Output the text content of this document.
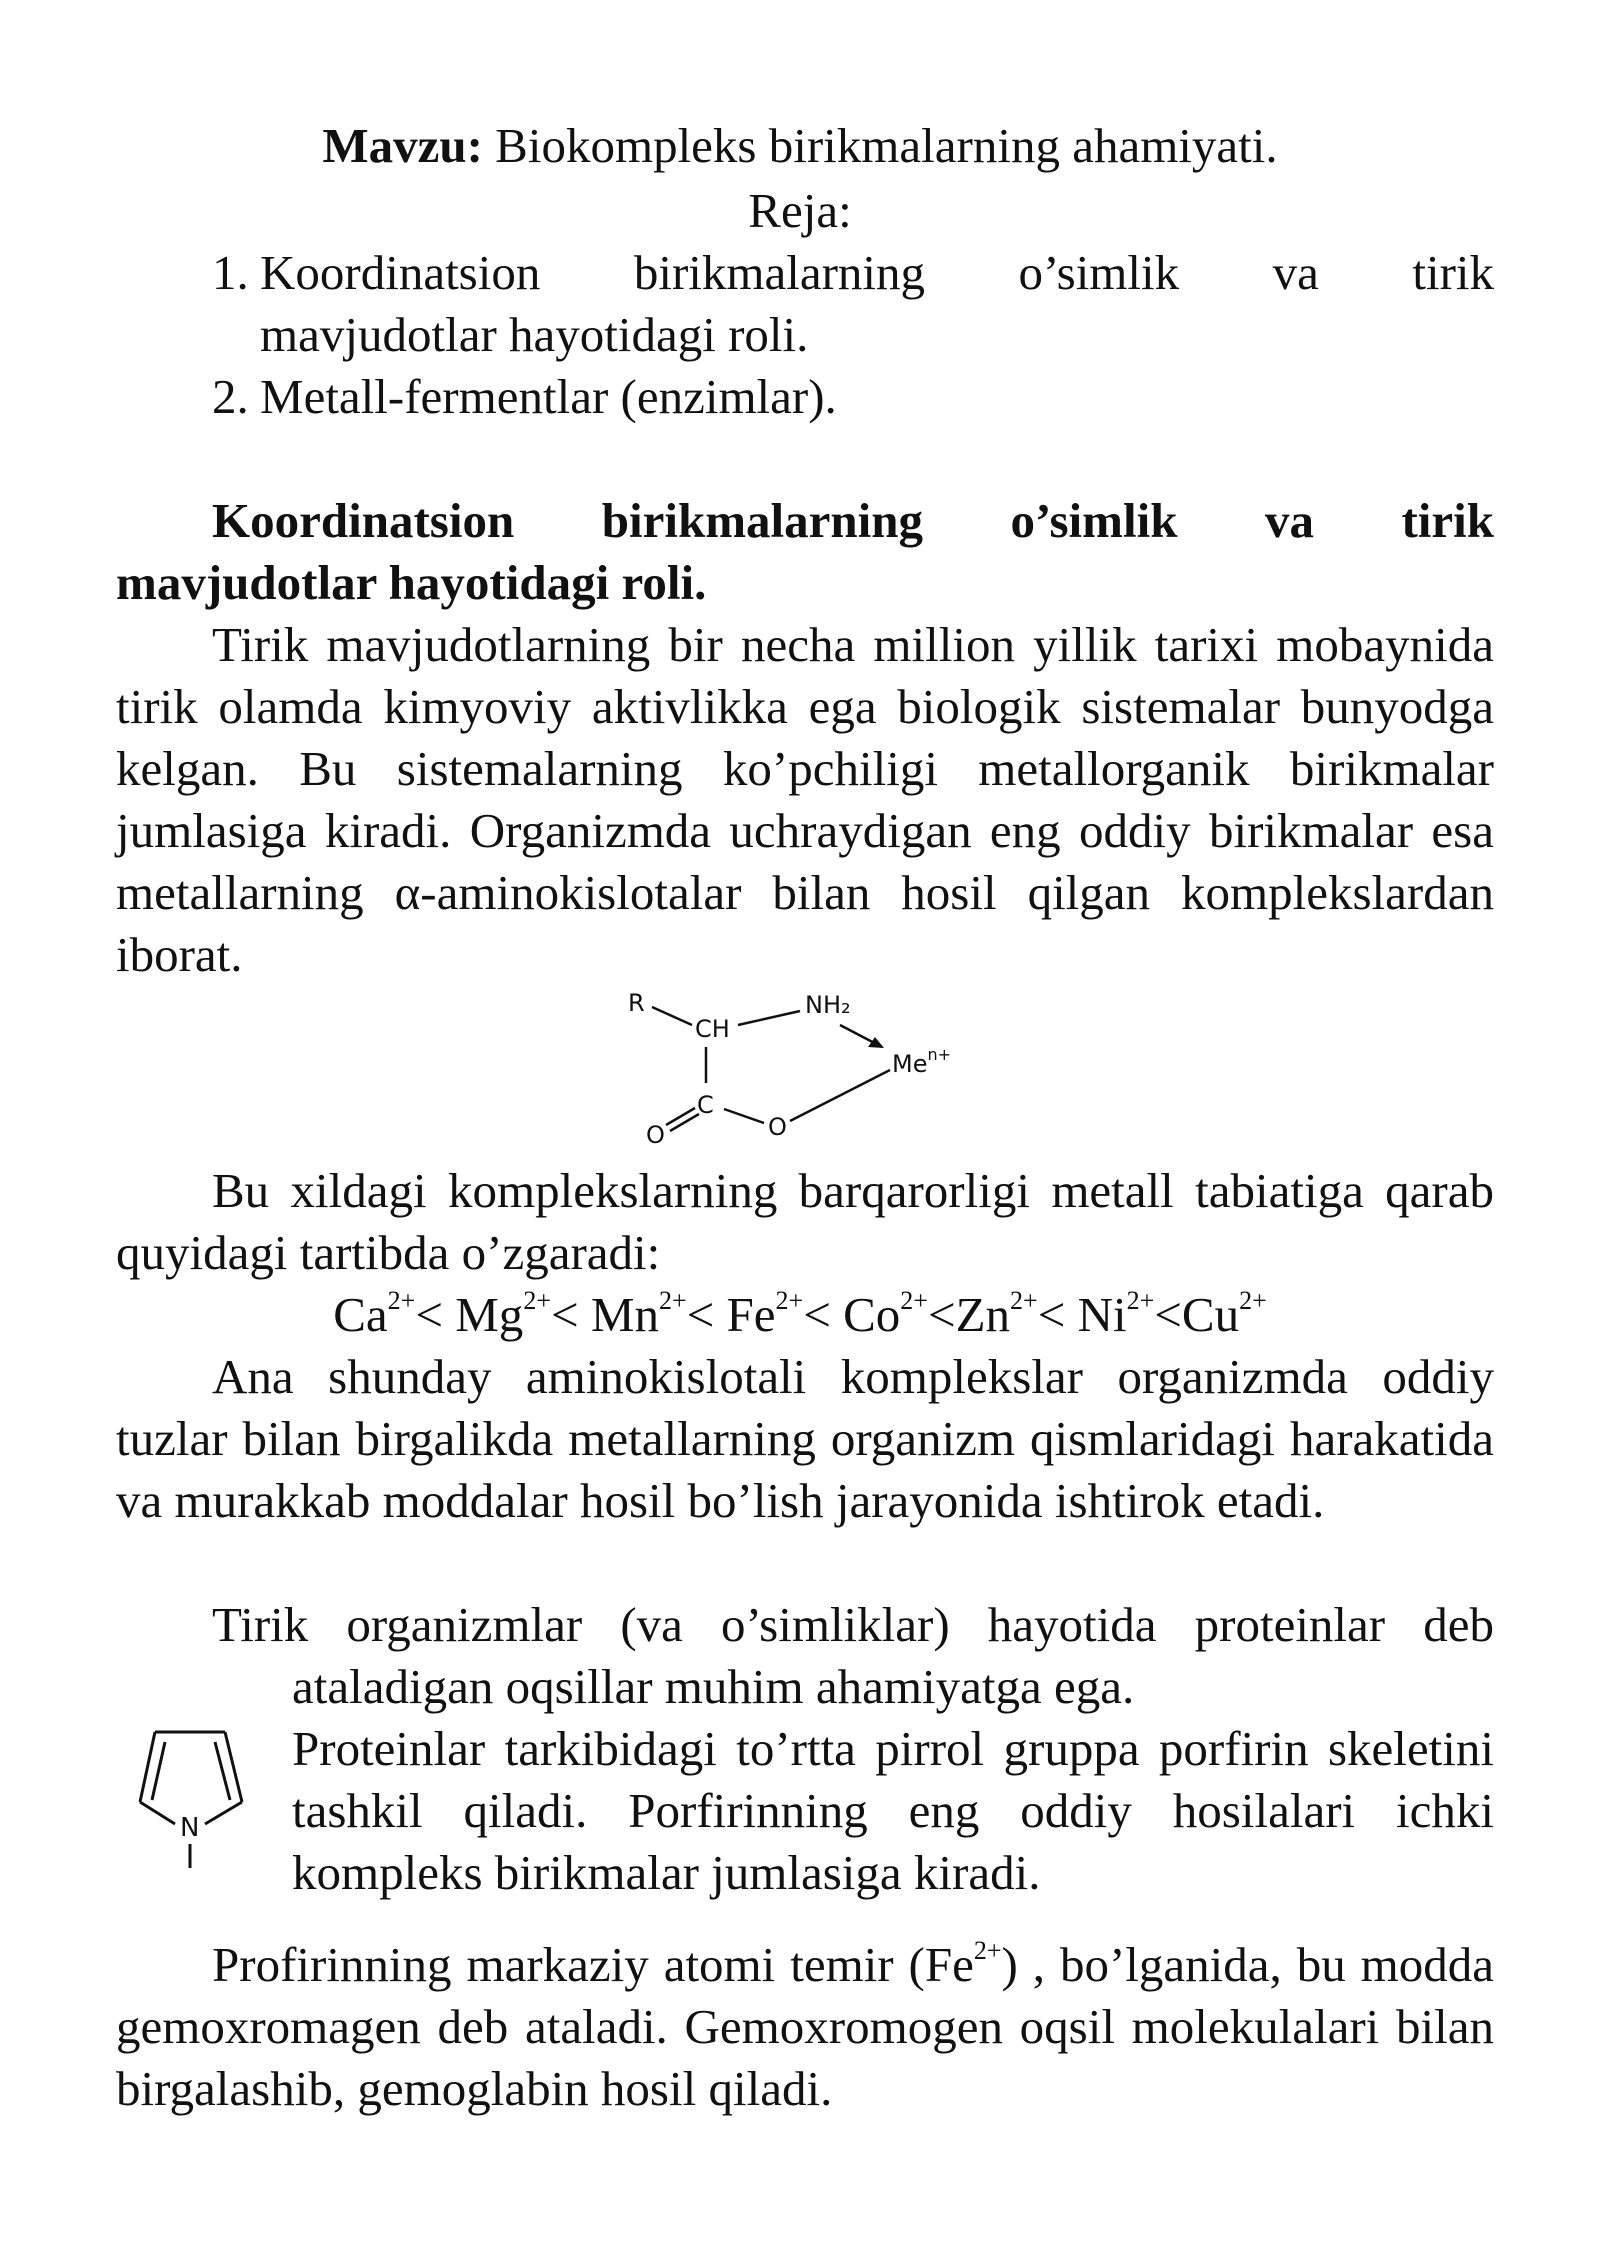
Mavzu: Biokompleks birikmalarning ahamiyati.
Reja:
1. Koordinatsion birikmalarning o’simlik va tirik
mavjudotlar hayotidagi roli.
2. Metall-fermentlar (enzimlar).
Koordinatsion birikmalarning o’simlik va tirik
mavjudotlar hayotidagi roli.
Tirik mavjudotlarning bir necha million yillik tarixi mobaynida tirik olamda kimyoviy aktivlikka ega biologik sistemalar bunyodga kelgan. Bu sistemalarning ko’pchiligi metallorganik birikmalar jumlasiga kiradi. Organizmda uchraydigan eng oddiy birikmalar esa metallarning α-aminokislotalar bilan hosil qilgan komplekslardan iborat.
R
CH
NH₂
$Me^{n+}$
C
O	O
Bu xildagi komplekslarning barqarorligi metall tabiatiga qarab quyidagi tartibda o’zgaradi:
$Ca^{2+}< Mg^{2+}< Mn^{2+}< Fe^{2+}< Co^{2+}<Zn^{2+}< Ni^{2+}<Cu^{2+}$
Ana shunday aminokislotali komplekslar organizmda oddiy tuzlar bilan birgalikda metallarning organizm qismlaridagi harakatida va murakkab moddalar hosil bo’lish jarayonida ishtirok etadi.
Tirik organizmlar (va o’simliklar) hayotida proteinlar deb
ataladigan oqsillar muhim ahamiyatga ega.
N
Proteinlar tarkibidagi to’rtta pirrol gruppa porfirin skeletini tashkil qiladi. Porfirinning eng oddiy hosilalari ichki kompleks birikmalar jumlasiga kiradi.
Profirinning markaziy atomi temir $(Fe^{2+})$ , bo’lganida, bu modda gemoxromagen deb ataladi. Gemoxromogen oqsil molekulalari bilan birgalashib, gemoglabin hosil qiladi.
